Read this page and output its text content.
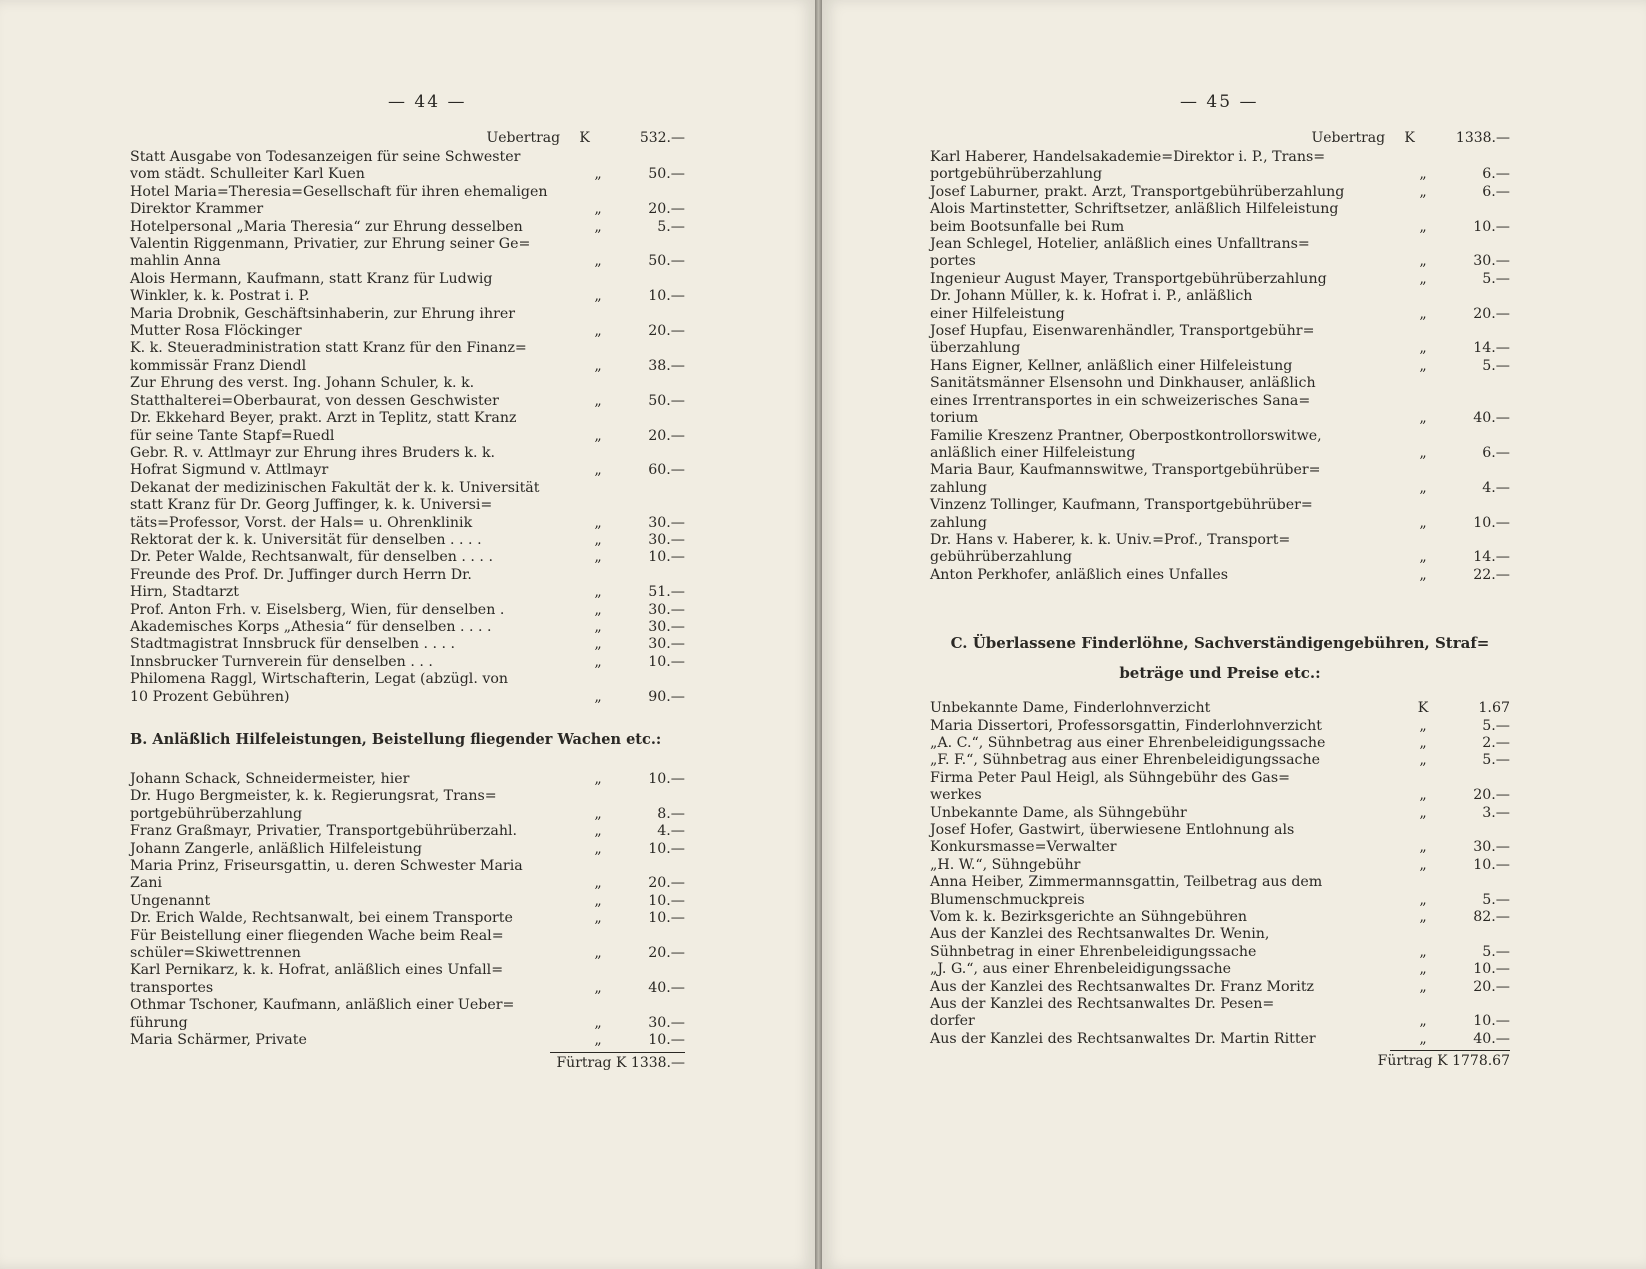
— 44 —
Uebertrag K	532.—
Statt Ausgabe von Todesanzeigen für seine Schwester
vom städt. Schulleiter Karl Kuen	„	50.—
Hotel Maria=Theresia=Gesellschaft für ihren ehemaligen
Direktor Krammer	„	20.—
Hotelpersonal „Maria Theresia“ zur Ehrung desselben	„	5.—
Valentin Riggenmann, Privatier, zur Ehrung seiner Ge=
mahlin Anna	„	50.—
Alois Hermann, Kaufmann, statt Kranz für Ludwig
Winkler, k. k. Postrat i. P.	„	10.—
Maria Drobnik, Geschäftsinhaberin, zur Ehrung ihrer
Mutter Rosa Flöckinger	„	20.—
K. k. Steueradministration statt Kranz für den Finanz=
kommissär Franz Diendl	„	38.—
Zur Ehrung des verst. Ing. Johann Schuler, k. k.
Statthalterei=Oberbaurat, von dessen Geschwister	„	50.—
Dr. Ekkehard Beyer, prakt. Arzt in Teplitz, statt Kranz
für seine Tante Stapf=Ruedl	„	20.—
Gebr. R. v. Attlmayr zur Ehrung ihres Bruders k. k.
Hofrat Sigmund v. Attlmayr	„	60.—
Dekanat der medizinischen Fakultät der k. k. Universität
statt Kranz für Dr. Georg Juffinger, k. k. Universi=
täts=Professor, Vorst. der Hals= u. Ohrenklinik	„	30.—
Rektorat der k. k. Universität für denselben . . . .	„	30.—
Dr. Peter Walde, Rechtsanwalt, für denselben . . . .	„	10.—
Freunde des Prof. Dr. Juffinger durch Herrn Dr.
Hirn, Stadtarzt	„	51.—
Prof. Anton Frh. v. Eiselsberg, Wien, für denselben .	„	30.—
Akademisches Korps „Athesia“ für denselben . . . .	„	30.—
Stadtmagistrat Innsbruck für denselben . . . .	„	30.—
Innsbrucker Turnverein für denselben . . .	„	10.—
Philomena Raggl, Wirtschafterin, Legat (abzügl. von
10 Prozent Gebühren)	„	90.—
B. Anläßlich Hilfeleistungen, Beistellung fliegender Wachen etc.:
Johann Schack, Schneidermeister, hier	„	10.—
Dr. Hugo Bergmeister, k. k. Regierungsrat, Trans=
portgebührüberzahlung	„	8.—
Franz Graßmayr, Privatier, Transportgebührüberzahl.	„	4.—
Johann Zangerle, anläßlich Hilfeleistung	„	10.—
Maria Prinz, Friseursgattin, u. deren Schwester Maria
Zani	„	20.—
Ungenannt	„	10.—
Dr. Erich Walde, Rechtsanwalt, bei einem Transporte	„	10.—
Für Beistellung einer fliegenden Wache beim Real=
schüler=Skiwettrennen	„	20.—
Karl Pernikarz, k. k. Hofrat, anläßlich eines Unfall=
transportes	„	40.—
Othmar Tschoner, Kaufmann, anläßlich einer Ueber=
führung	„	30.—
Maria Schärmer, Private	„	10.—
Fürtrag K 1338.—
— 45 —
Uebertrag K	1338.—
Karl Haberer, Handelsakademie=Direktor i. P., Trans=
portgebührüberzahlung	„	6.—
Josef Laburner, prakt. Arzt, Transportgebührüberzahlung	„	6.—
Alois Martinstetter, Schriftsetzer, anläßlich Hilfeleistung
beim Bootsunfalle bei Rum	„	10.—
Jean Schlegel, Hotelier, anläßlich eines Unfalltrans=
portes	„	30.—
Ingenieur August Mayer, Transportgebührüberzahlung	„	5.—
Dr. Johann Müller, k. k. Hofrat i. P., anläßlich
einer Hilfeleistung	„	20.—
Josef Hupfau, Eisenwarenhändler, Transportgebühr=
überzahlung	„	14.—
Hans Eigner, Kellner, anläßlich einer Hilfeleistung	„	5.—
Sanitätsmänner Elsensohn und Dinkhauser, anläßlich
eines Irrentransportes in ein schweizerisches Sana=
torium	„	40.—
Familie Kreszenz Prantner, Oberpostkontrollorswitwe,
anläßlich einer Hilfeleistung	„	6.—
Maria Baur, Kaufmannswitwe, Transportgebührüber=
zahlung	„	4.—
Vinzenz Tollinger, Kaufmann, Transportgebührüber=
zahlung	„	10.—
Dr. Hans v. Haberer, k. k. Univ.=Prof., Transport=
gebührüberzahlung	„	14.—
Anton Perkhofer, anläßlich eines Unfalles	„	22.—
C. Überlassene Finderlöhne, Sachverständigengebühren, Straf=
beträge und Preise etc.:
Unbekannte Dame, Finderlohnverzicht	K	1.67
Maria Dissertori, Professorsgattin, Finderlohnverzicht	„	5.—
„A. C.“, Sühnbetrag aus einer Ehrenbeleidigungssache	„	2.—
„F. F.“, Sühnbetrag aus einer Ehrenbeleidigungssache	„	5.—
Firma Peter Paul Heigl, als Sühngebühr des Gas=
werkes	„	20.—
Unbekannte Dame, als Sühngebühr	„	3.—
Josef Hofer, Gastwirt, überwiesene Entlohnung als
Konkursmasse=Verwalter	„	30.—
„H. W.“, Sühngebühr	„	10.—
Anna Heiber, Zimmermannsgattin, Teilbetrag aus dem
Blumenschmuckpreis	„	5.—
Vom k. k. Bezirksgerichte an Sühngebühren	„	82.—
Aus der Kanzlei des Rechtsanwaltes Dr. Wenin,
Sühnbetrag in einer Ehrenbeleidigungssache	„	5.—
„J. G.“, aus einer Ehrenbeleidigungssache	„	10.—
Aus der Kanzlei des Rechtsanwaltes Dr. Franz Moritz	„	20.—
Aus der Kanzlei des Rechtsanwaltes Dr. Pesen=
dorfer	„	10.—
Aus der Kanzlei des Rechtsanwaltes Dr. Martin Ritter	„	40.—
Fürtrag K 1778.67
